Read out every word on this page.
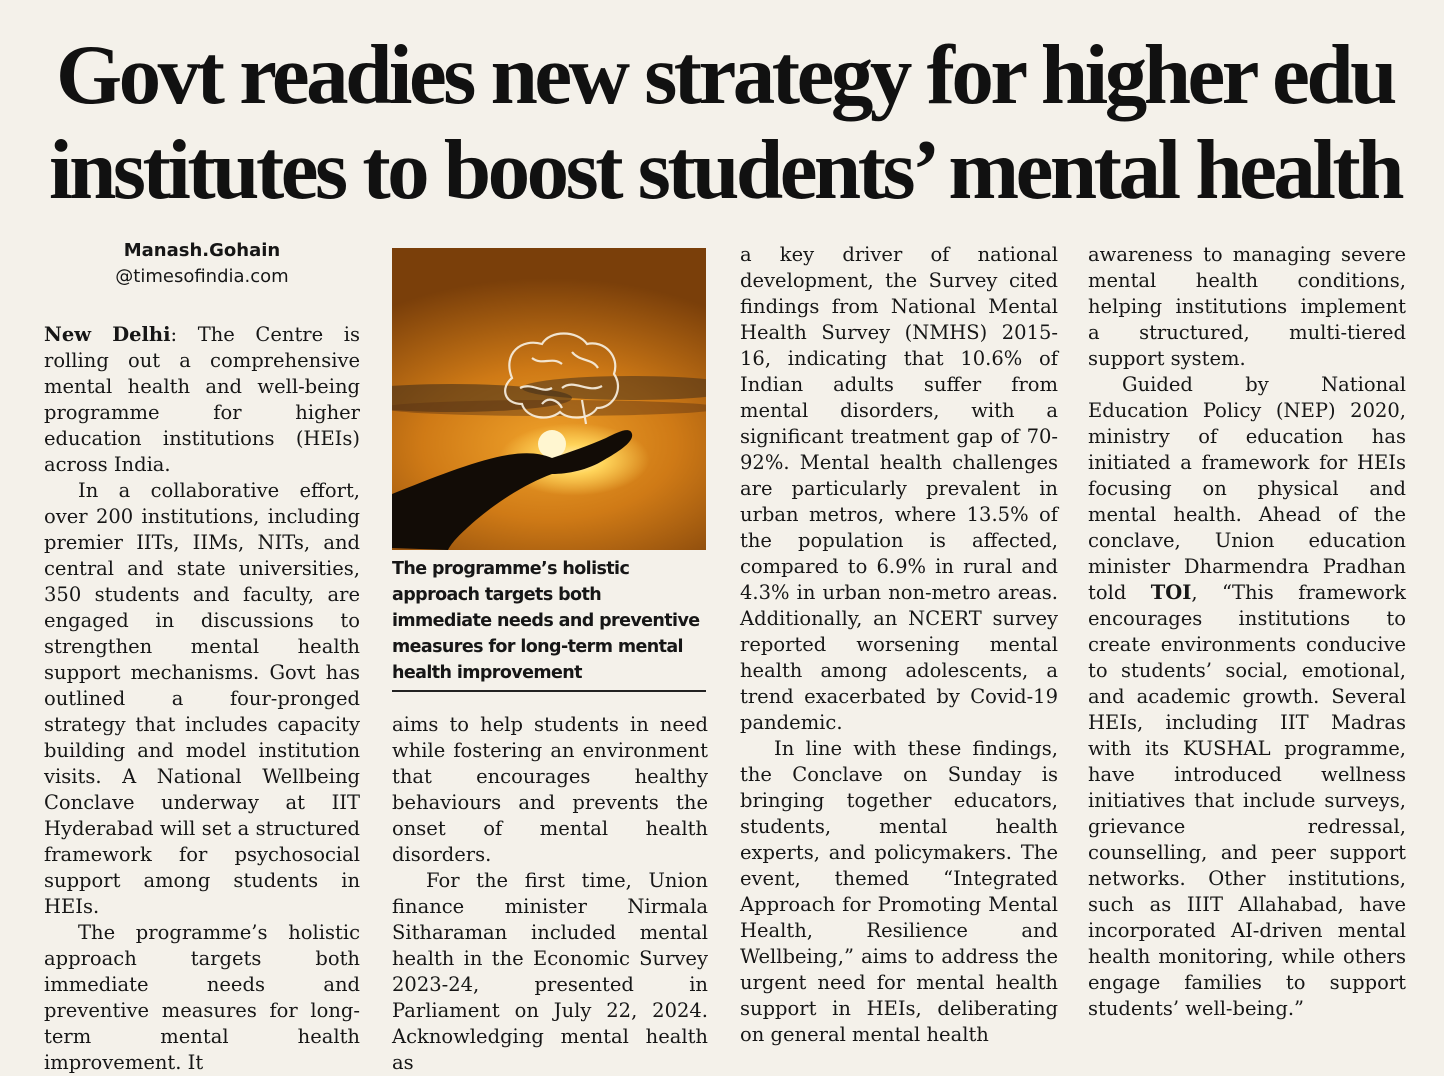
Govt readies new strategy for higher edu
institutes to boost students’ mental health
Manash.Gohain
@timesofindia.com

New Delhi: The Centre is rolling out a comprehensive mental health and well-being programme for higher education institutions (HEIs) across India.

In a collaborative effort, over 200 institutions, including premier IITs, IIMs, NITs, and central and state universities, 350 students and faculty, are engaged in discussions to strengthen mental health support mechanisms. Govt has outlined a four-pronged strategy that includes capacity building and model institution visits. A National Wellbeing Conclave underway at IIT Hyderabad will set a structured framework for psychosocial support among students in HEIs.

The programme’s holistic approach targets both immediate needs and preventive measures for long-term mental health improvement. It

The programme’s holistic approach targets both immediate needs and preventive measures for long-term mental health improvement

aims to help students in need while fostering an environment that encourages healthy behaviours and prevents the onset of mental health disorders.

For the first time, Union finance minister Nirmala Sitharaman included mental health in the Economic Survey 2023-24, presented in Parliament on July 22, 2024. Acknowledging mental health as

a key driver of national development, the Survey cited findings from National Mental Health Survey (NMHS) 2015-16, indicating that 10.6% of Indian adults suffer from mental disorders, with a significant treatment gap of 70-92%. Mental health challenges are particularly prevalent in urban metros, where 13.5% of the population is affected, compared to 6.9% in rural and 4.3% in urban non-metro areas. Additionally, an NCERT survey reported worsening mental health among adolescents, a trend exacerbated by Covid-19 pandemic.

In line with these findings, the Conclave on Sunday is bringing together educators, students, mental health experts, and policymakers. The event, themed “Integrated Approach for Promoting Mental Health, Resilience and Wellbeing,” aims to address the urgent need for mental health support in HEIs, deliberating on general mental health

awareness to managing severe mental health conditions, helping institutions implement a structured, multi-tiered support system.

Guided by National Education Policy (NEP) 2020, ministry of education has initiated a framework for HEIs focusing on physical and mental health. Ahead of the conclave, Union education minister Dharmendra Pradhan told TOI, “This framework encourages institutions to create environments conducive to students’ social, emotional, and academic growth. Several HEIs, including IIT Madras with its KUSHAL programme, have introduced wellness initiatives that include surveys, grievance redressal, counselling, and peer support networks. Other institutions, such as IIIT Allahabad, have incorporated AI-driven mental health monitoring, while others engage families to support students’ well-being.”
